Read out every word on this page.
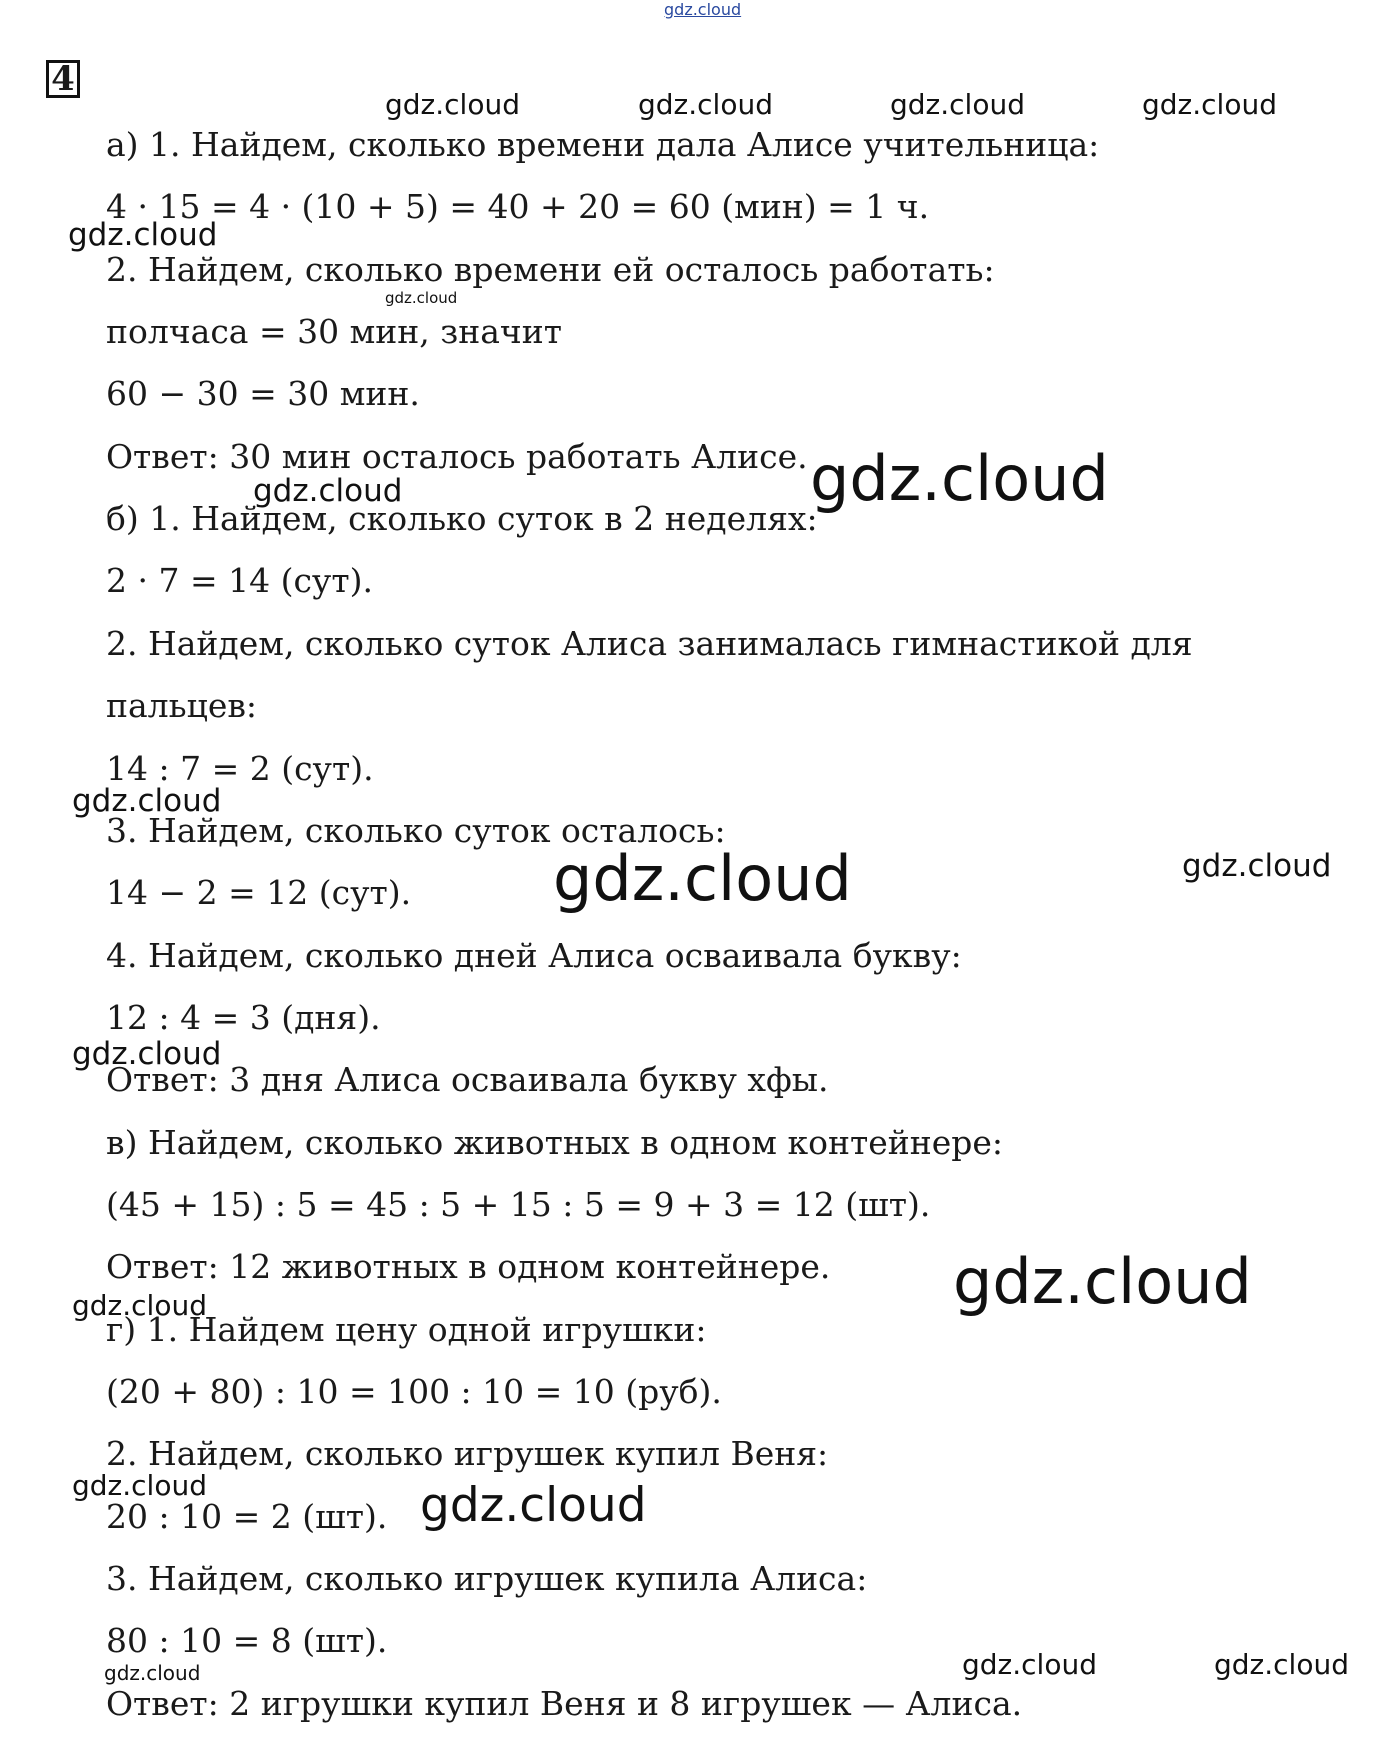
4
а) 1. Найдем, сколько времени дала Алисе учительница:
4 · 15 = 4 · (10 + 5) = 40 + 20 = 60 (мин) = 1 ч.
2. Найдем, сколько времени ей осталось работать:
полчаса = 30 мин, значит
60 − 30 = 30 мин.
Ответ: 30 мин осталось работать Алисе.
б) 1. Найдем, сколько суток в 2 неделях:
2 · 7 = 14 (сут).
2. Найдем, сколько суток Алиса занималась гимнастикой для
пальцев:
14 : 7 = 2 (сут).
3. Найдем, сколько суток осталось:
14 − 2 = 12 (сут).
4. Найдем, сколько дней Алиса осваивала букву:
12 : 4 = 3 (дня).
Ответ: 3 дня Алиса осваивала букву хфы.
в) Найдем, сколько животных в одном контейнере:
(45 + 15) : 5 = 45 : 5 + 15 : 5 = 9 + 3 = 12 (шт).
Ответ: 12 животных в одном контейнере.
г) 1. Найдем цену одной игрушки:
(20 + 80) : 10 = 100 : 10 = 10 (руб).
2. Найдем, сколько игрушек купил Веня:
20 : 10 = 2 (шт).
3. Найдем, сколько игрушек купила Алиса:
80 : 10 = 8 (шт).
Ответ: 2 игрушки купил Веня и 8 игрушек — Алиса.
gdz.cloud
gdz.cloud	gdz.cloud	gdz.cloud	gdz.cloud
gdz.cloud
gdz.cloud
gdz.cloud	gdz.cloud
gdz.cloud
gdz.cloud	gdz.cloud
gdz.cloud
gdz.cloud
gdz.cloud
gdz.cloud	gdz.cloud
gdz.cloud	gdz.cloud
gdz.cloud
